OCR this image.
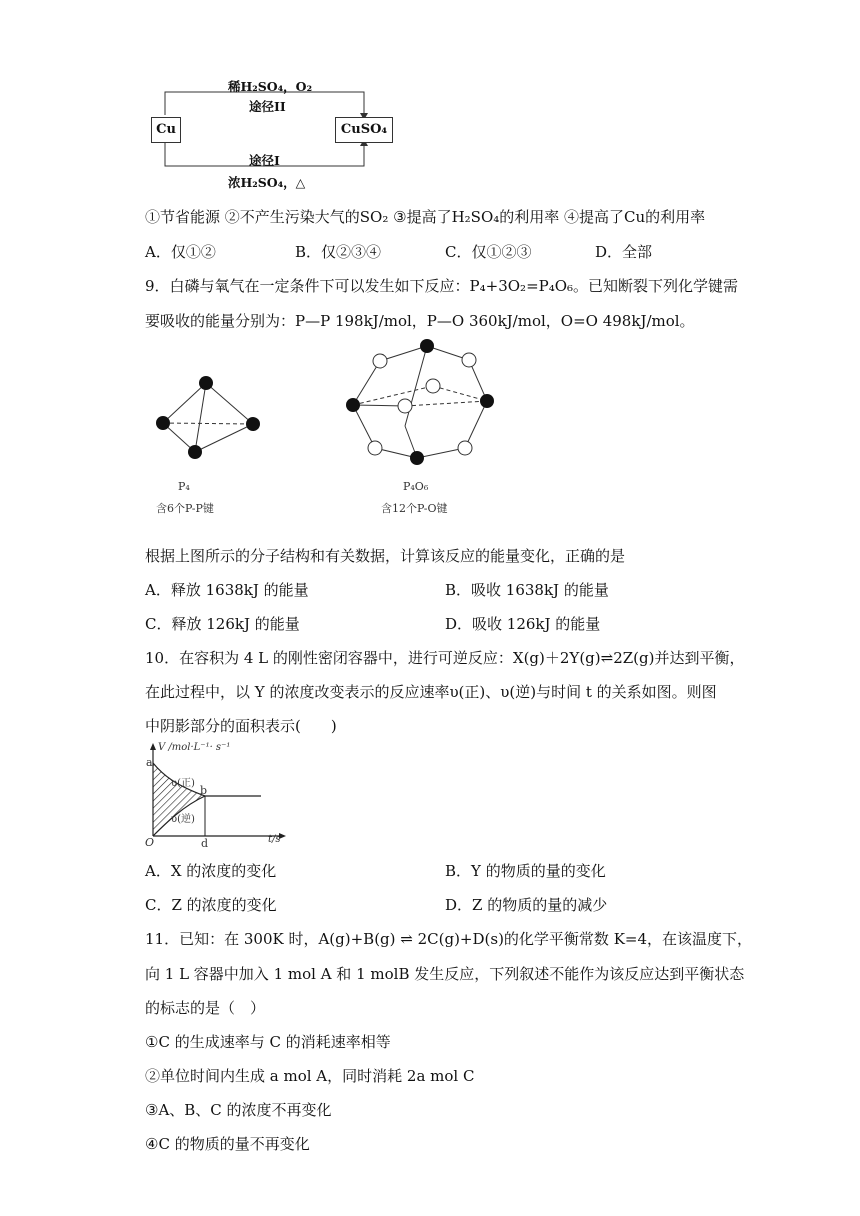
Cu	CuSO₄
稀H₂SO₄，O₂
途径II
途径I
浓H₂SO₄，△
①节省能源 ②不产生污染大气的SO₂ ③提高了H₂SO₄的利用率 ④提高了Cu的利用率
A．仅①②	B．仅②③④	C．仅①②③	D．全部
9．白磷与氧气在一定条件下可以发生如下反应：P₄+3O₂=P₄O₆。已知断裂下列化学键需
要吸收的能量分别为：P—P 198kJ/mol，P—O 360kJ/mol，O=O 498kJ/mol。
P₄
含6个P-P键
P₄O₆
含12个P-O键
根据上图所示的分子结构和有关数据，计算该反应的能量变化，正确的是
A．释放 1638kJ 的能量	B．吸收 1638kJ 的能量
C．释放 126kJ 的能量	D．吸收 126kJ 的能量
10．在容积为 4 L 的刚性密闭容器中，进行可逆反应：X(g)＋2Y(g)⇌2Z(g)并达到平衡，
在此过程中，以 Y 的浓度改变表示的反应速率υ(正)、υ(逆)与时间 t 的关系如图。则图
中阴影部分的面积表示(　　)
V /mol·L⁻¹· s⁻¹
a
υ(正)
b
υ(逆)
O	d	t/s
A．X 的浓度的变化	B．Y 的物质的量的变化
C．Z 的浓度的变化	D．Z 的物质的量的减少
11．已知：在 300K 时，A(g)+B(g) ⇌ 2C(g)+D(s)的化学平衡常数 K=4，在该温度下，
向 1 L 容器中加入 1 mol A 和 1 molB 发生反应，下列叙述不能作为该反应达到平衡状态
的标志的是（　）
①C 的生成速率与 C 的消耗速率相等
②单位时间内生成 a mol A，同时消耗 2a mol C
③A、B、C 的浓度不再变化
④C 的物质的量不再变化
